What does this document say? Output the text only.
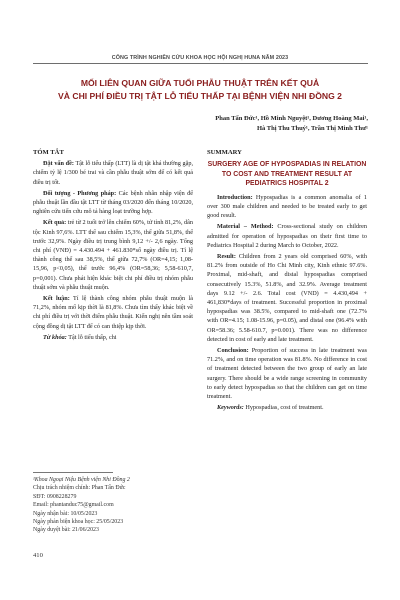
CÔNG TRÌNH NGHIÊN CỨU KHOA HỌC HỘI NGHỊ HUNA NĂM 2023
MỐI LIÊN QUAN GIỮA TUỔI PHẪU THUẬT TRÊN KẾT QUẢ
VÀ CHI PHÍ ĐIỀU TRỊ TẬT LỖ TIỂU THẤP TẠI BỆNH VIỆN NHI ĐỒNG 2
Phan Tấn Đức¹, Hồ Minh Nguyệt¹, Dương Hoàng Mai¹,
Hà Thị Thu Thuý¹, Trần Thị Minh Thư¹
TÓM TẮT

Đặt vấn đề: Tật lỗ tiểu thấp (LTT) là dị tật khá thường gặp, chiếm tỷ lệ 1/300 bé trai và cần phẫu thuật sớm để có kết quả điều trị tốt.

Đối tượng - Phương pháp: Các bệnh nhân nhập viện để phẫu thuật lần đầu tật LTT từ tháng 03/2020 đến tháng 10/2020, nghiên cứu tiến cứu mô tả hàng loạt trường hợp.

Kết quả: trẻ từ 2 tuổi trở lên chiếm 60%, tử tỉnh 81,2%, dân tộc Kinh 97,6%. LTT thể sau chiếm 15,3%, thể giữa 51,8%, thể trước 32,9%. Ngày điều trị trung bình 9,12 +/- 2,6 ngày. Tổng chi phí (VNĐ) = 4.430.494 + 461.830*số ngày điều trị. Tỉ lệ thành công thể sau 38,5%, thể giữa 72,7% (OR=4,15; 1,08-15,96, p<0,05), thể trước 96,4% (OR=58,36; 5,58-610,7, p=0,001). Chưa phát hiện khác biệt chi phí điều trị nhóm phẫu thuật sớm và phẫu thuật muộn.

Kết luận: Tỉ lệ thành công nhóm phẫu thuật muộn là 71,2%, nhóm mổ kịp thời là 81,8%. Chưa tìm thấy khác biệt về chi phí điều trị với thời điểm phẫu thuật. Kiến nghị nên tầm soát cộng đồng dị tật LTT để có can thiệp kịp thời.

Từ khóa: Tật lỗ tiểu thấp, chi

SUMMARY
SURGERY AGE OF HYPOSPADIAS IN RELATION TO COST AND TREATMENT RESULT AT PEDIATRICS HOSPITAL 2

Introduction: Hypospadias is a common anomalia of 1 over 300 male children and needed to be treated early to get good result.

Material – Method: Cross-sectional study on children admitted for operation of hypospadias on their first time to Pediatrics Hospital 2 during March to October, 2022.

Result: Children from 2 years old comprised 60%, with 81.2% from outside of Ho Chi Minh city, Kinh ethnic 97.6%. Proximal, mid-shaft, and distal hypospadias comprised consecutively 15.3%, 51.8%, and 32.9%. Average treatment days 9.12 +/- 2.6. Total cost (VND) = 4.430,494 + 461,830*days of treatment. Successful proportion in proximal hypospadias was 38.5%, compared to mid-shaft one (72.7% with OR=4.15; 1.08-15.96, p=0.05), and distal one (96.4% with OR=58.36; 5.58-610.7, p=0.001). There was no difference detected in cost of early and late treatment.

Conclusion: Proportion of success in late treatment was 71.2%, and on time operation was 81.8%. No difference in cost of treatment detected between the two group of early an late surgery. There should be a wide range screening in community to early detect hypospadias so that the children can get on time treatment.

Keywords: Hypospadias, cost of treatment.

¹Khoa Ngoại Niệu Bệnh viện Nhi Đồng 2
Chịu trách nhiệm chính: Phan Tấn Đức
SĐT: 0908228279
Email: phantanduc75@gmail.com
Ngày nhận bài: 10/05/2023
Ngày phản biện khoa học: 25/05/2023
Ngày duyệt bài: 21/06/2023
410
